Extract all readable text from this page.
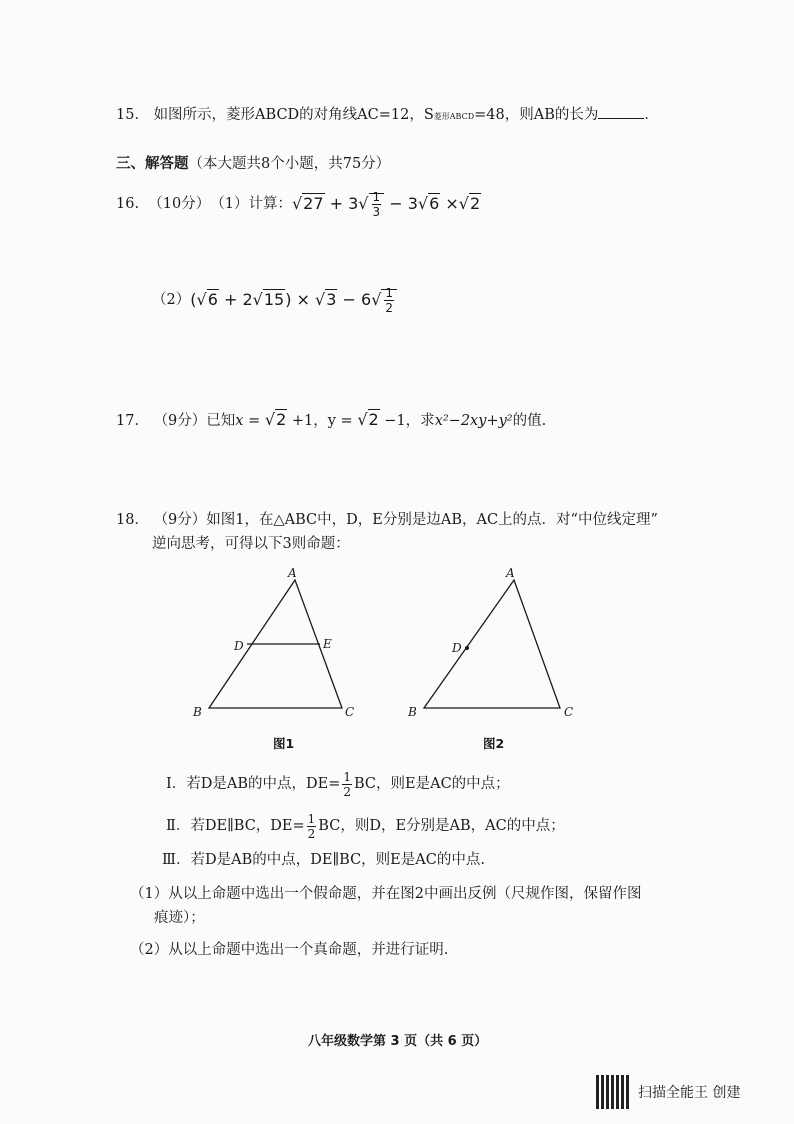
15． 如图所示，菱形ABCD的对角线AC=12，S菱形ABCD=48，则AB的长为	．
三、解答题（本大题共8个小题，共75分）
16.
（10分） （1）计算： $√27 + 3√ \frac{1}{3} - 3√6 \times√2$
（2） $(√6 + 2√15) \times √3 - 6√ \frac{1}{2}$
17． （9分）已知x = √2 +1，y = √2 −1，求x²−2xy+y²的值.
18． （9分）如图1，在△ABC中，D，E分别是边AB，AC上的点．对“中位线定理”
逆向思考，可得以下3则命题：
A
B	C
D	E
图1
A
B	C
D
图2
Ⅰ． 若D是AB的中点，$DE= \frac{1}{2}$ BC，则E是AC的中点；
Ⅱ． 若DE∥BC，$DE= \frac{1}{2}$ BC，则D，E分别是AB，AC的中点；
Ⅲ．若D是AB的中点，DE∥BC，则E是AC的中点.
（1）从以上命题中选出一个假命题，并在图2中画出反例（尺规作图，保留作图
痕迹）；
（2）从以上命题中选出一个真命题，并进行证明.
八年级数学第 3 页（共 6 页）
扫描全能王 创建
